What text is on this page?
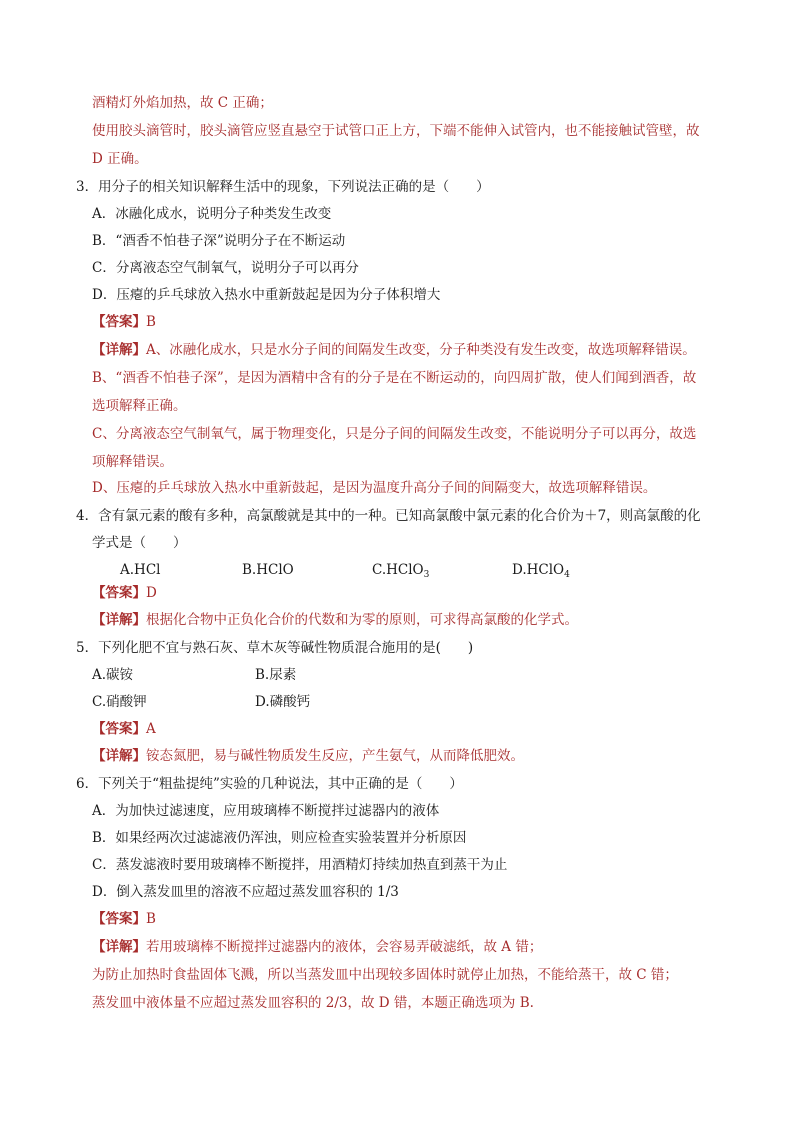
酒精灯外焰加热，故 C 正确；
使用胶头滴管时，胶头滴管应竖直悬空于试管口正上方，下端不能伸入试管内，也不能接触试管壁，故
D 正确。
3．用分子的相关知识解释生活中的现象，下列说法正确的是（　　）
A．冰融化成水，说明分子种类发生改变
B．“酒香不怕巷子深”说明分子在不断运动
C．分离液态空气制氧气，说明分子可以再分
D．压瘪的乒乓球放入热水中重新鼓起是因为分子体积增大
【答案】B
【详解】A、冰融化成水，只是水分子间的间隔发生改变，分子种类没有发生改变，故选项解释错误。
B、“酒香不怕巷子深”，是因为酒精中含有的分子是在不断运动的，向四周扩散，使人们闻到酒香，故
选项解释正确。
C、分离液态空气制氧气，属于物理变化，只是分子间的间隔发生改变，不能说明分子可以再分，故选
项解释错误。
D、压瘪的乒乓球放入热水中重新鼓起，是因为温度升高分子间的间隔变大，故选项解释错误。
4．含有氯元素的酸有多种，高氯酸就是其中的一种。已知高氯酸中氯元素的化合价为＋7，则高氯酸的化
学式是（　　）
A.HCl	B.HClO	C.HClO$_3$	D.HClO$_4$
【答案】D
【详解】根据化合物中正负化合价的代数和为零的原则，可求得高氯酸的化学式。
5．下列化肥不宜与熟石灰、草木灰等碱性物质混合施用的是(　　)
A.碳铵	B.尿素
C.硝酸钾	D.磷酸钙
【答案】A
【详解】铵态氮肥，易与碱性物质发生反应，产生氨气，从而降低肥效。
6．下列关于“粗盐提纯”实验的几种说法，其中正确的是（　　）
A．为加快过滤速度，应用玻璃棒不断搅拌过滤器内的液体
B．如果经两次过滤滤液仍浑浊，则应检查实验装置并分析原因
C．蒸发滤液时要用玻璃棒不断搅拌，用酒精灯持续加热直到蒸干为止
D．倒入蒸发皿里的溶液不应超过蒸发皿容积的 1/3
【答案】B
【详解】若用玻璃棒不断搅拌过滤器内的液体，会容易弄破滤纸，故 A 错；
为防止加热时食盐固体飞溅，所以当蒸发皿中出现较多固体时就停止加热，不能给蒸干，故 C 错；
蒸发皿中液体量不应超过蒸发皿容积的 2/3，故 D 错，本题正确选项为 B.
